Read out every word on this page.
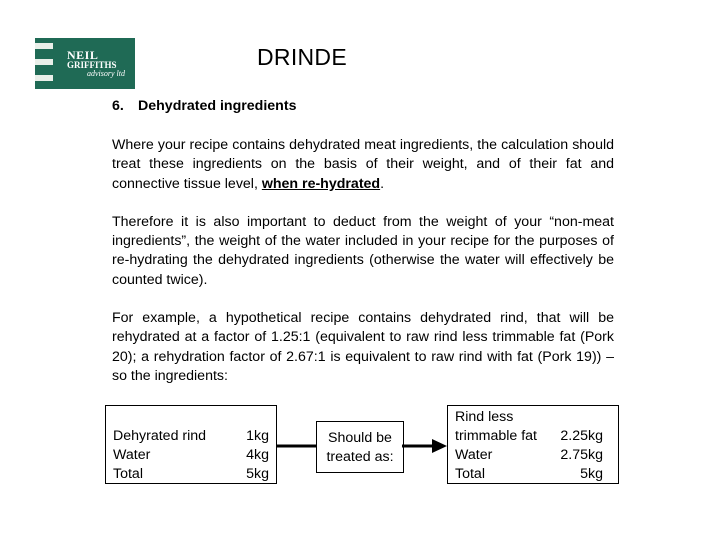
NEIL
GRIFFITHS
advisory ltd
DRINDE
6. Dehydrated ingredients

Where your recipe contains dehydrated meat ingredients, the calculation should treat these ingredients on the basis of their weight, and of their fat and connective tissue level, when re-hydrated.

Therefore it is also important to deduct from the weight of your “non-meat ingredients”, the weight of the water included in your recipe for the purposes of re-hydrating the dehydrated ingredients (otherwise the water will effectively be counted twice).

For example, a hypothetical recipe contains dehydrated rind, that will be rehydrated at a factor of 1.25:1 (equivalent to raw rind less trimmable fat (Pork 20); a rehydration factor of 2.67:1 is equivalent to raw rind with fat (Pork 19)) – so the ingredients:

Dehyrated rind	1kg
Water	4kg
Total	5kg
Should be
treated as:
Rind less
trimmable fat 2.25kg
Water	2.75kg
Total	5kg
